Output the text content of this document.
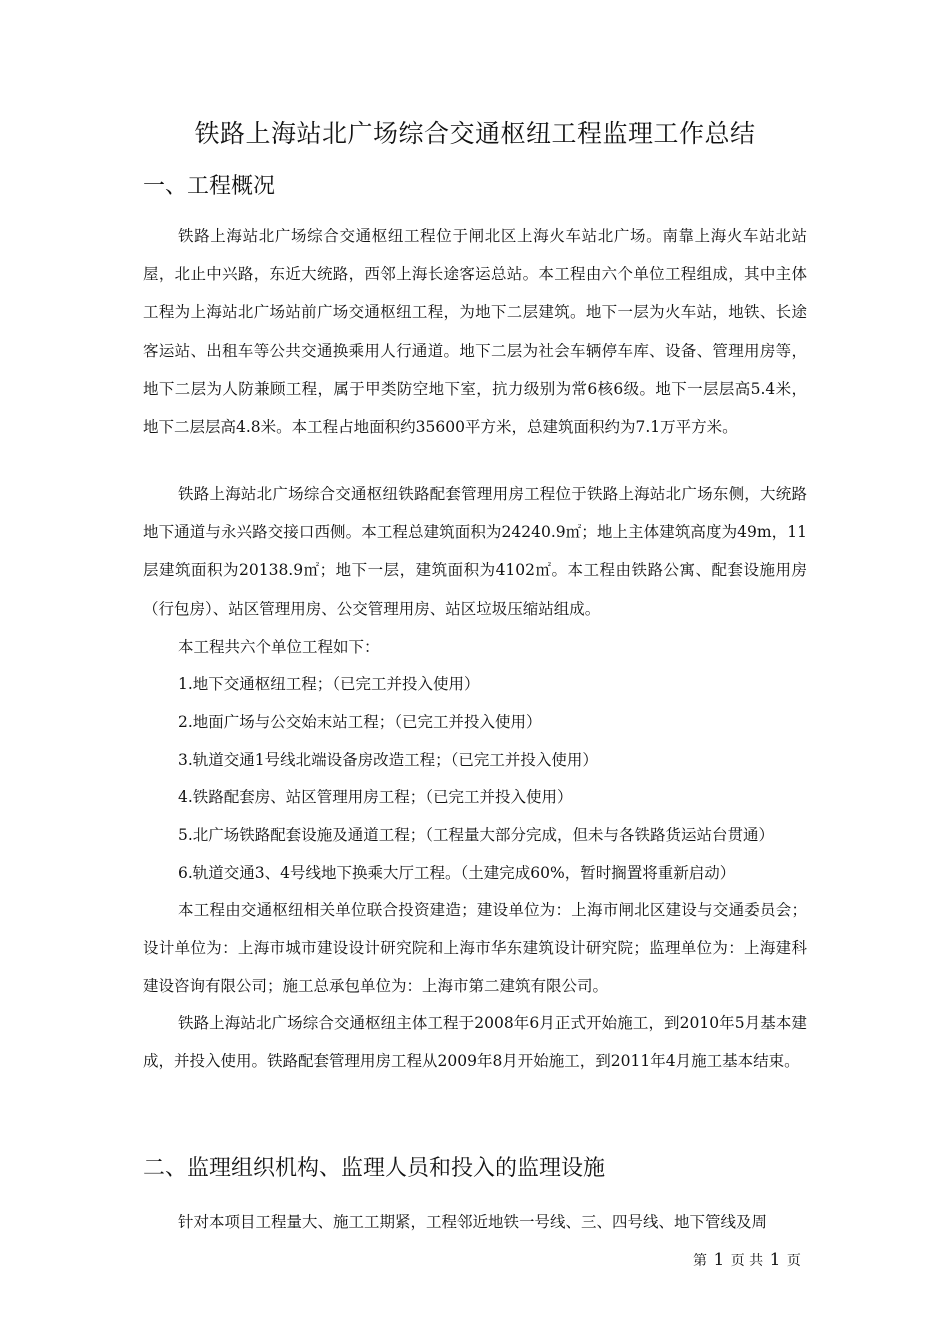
铁路上海站北广场综合交通枢纽工程监理工作总结
一、工程概况

铁路上海站北广场综合交通枢纽工程位于闸北区上海火车站北广场。南靠上海火车站北站屋，北止中兴路，东近大统路，西邻上海长途客运总站。本工程由六个单位工程组成，其中主体工程为上海站北广场站前广场交通枢纽工程，为地下二层建筑。地下一层为火车站，地铁、长途客运站、出租车等公共交通换乘用人行通道。地下二层为社会车辆停车库、设备、管理用房等，地下二层为人防兼顾工程，属于甲类防空地下室，抗力级别为常6核6级。地下一层层高5.4米，地下二层层高4.8米。本工程占地面积约35600平方米，总建筑面积约为7.1万平方米。

铁路上海站北广场综合交通枢纽铁路配套管理用房工程位于铁路上海站北广场东侧，大统路地下通道与永兴路交接口西侧。本工程总建筑面积为24240.9㎡；地上主体建筑高度为49m，11层建筑面积为20138.9㎡；地下一层，建筑面积为4102㎡。本工程由铁路公寓、配套设施用房（行包房）、站区管理用房、公交管理用房、站区垃圾压缩站组成。

本工程共六个单位工程如下：
1.地下交通枢纽工程；（已完工并投入使用）
2.地面广场与公交始末站工程；（已完工并投入使用）
3.轨道交通1号线北端设备房改造工程；（已完工并投入使用）
4.铁路配套房、站区管理用房工程；（已完工并投入使用）
5.北广场铁路配套设施及通道工程；（工程量大部分完成，但未与各铁路货运站台贯通）
6.轨道交通3、4号线地下换乘大厅工程。（土建完成60%，暂时搁置将重新启动）

本工程由交通枢纽相关单位联合投资建造；建设单位为：上海市闸北区建设与交通委员会；设计单位为：上海市城市建设设计研究院和上海市华东建筑设计研究院；监理单位为：上海建科建设咨询有限公司；施工总承包单位为：上海市第二建筑有限公司。

铁路上海站北广场综合交通枢纽主体工程于2008年6月正式开始施工，到2010年5月基本建成，并投入使用。铁路配套管理用房工程从2009年8月开始施工，到2011年4月施工基本结束。

二、监理组织机构、监理人员和投入的监理设施

针对本项目工程量大、施工工期紧，工程邻近地铁一号线、三、四号线、地下管线及周

第 1 页 共 1 页
